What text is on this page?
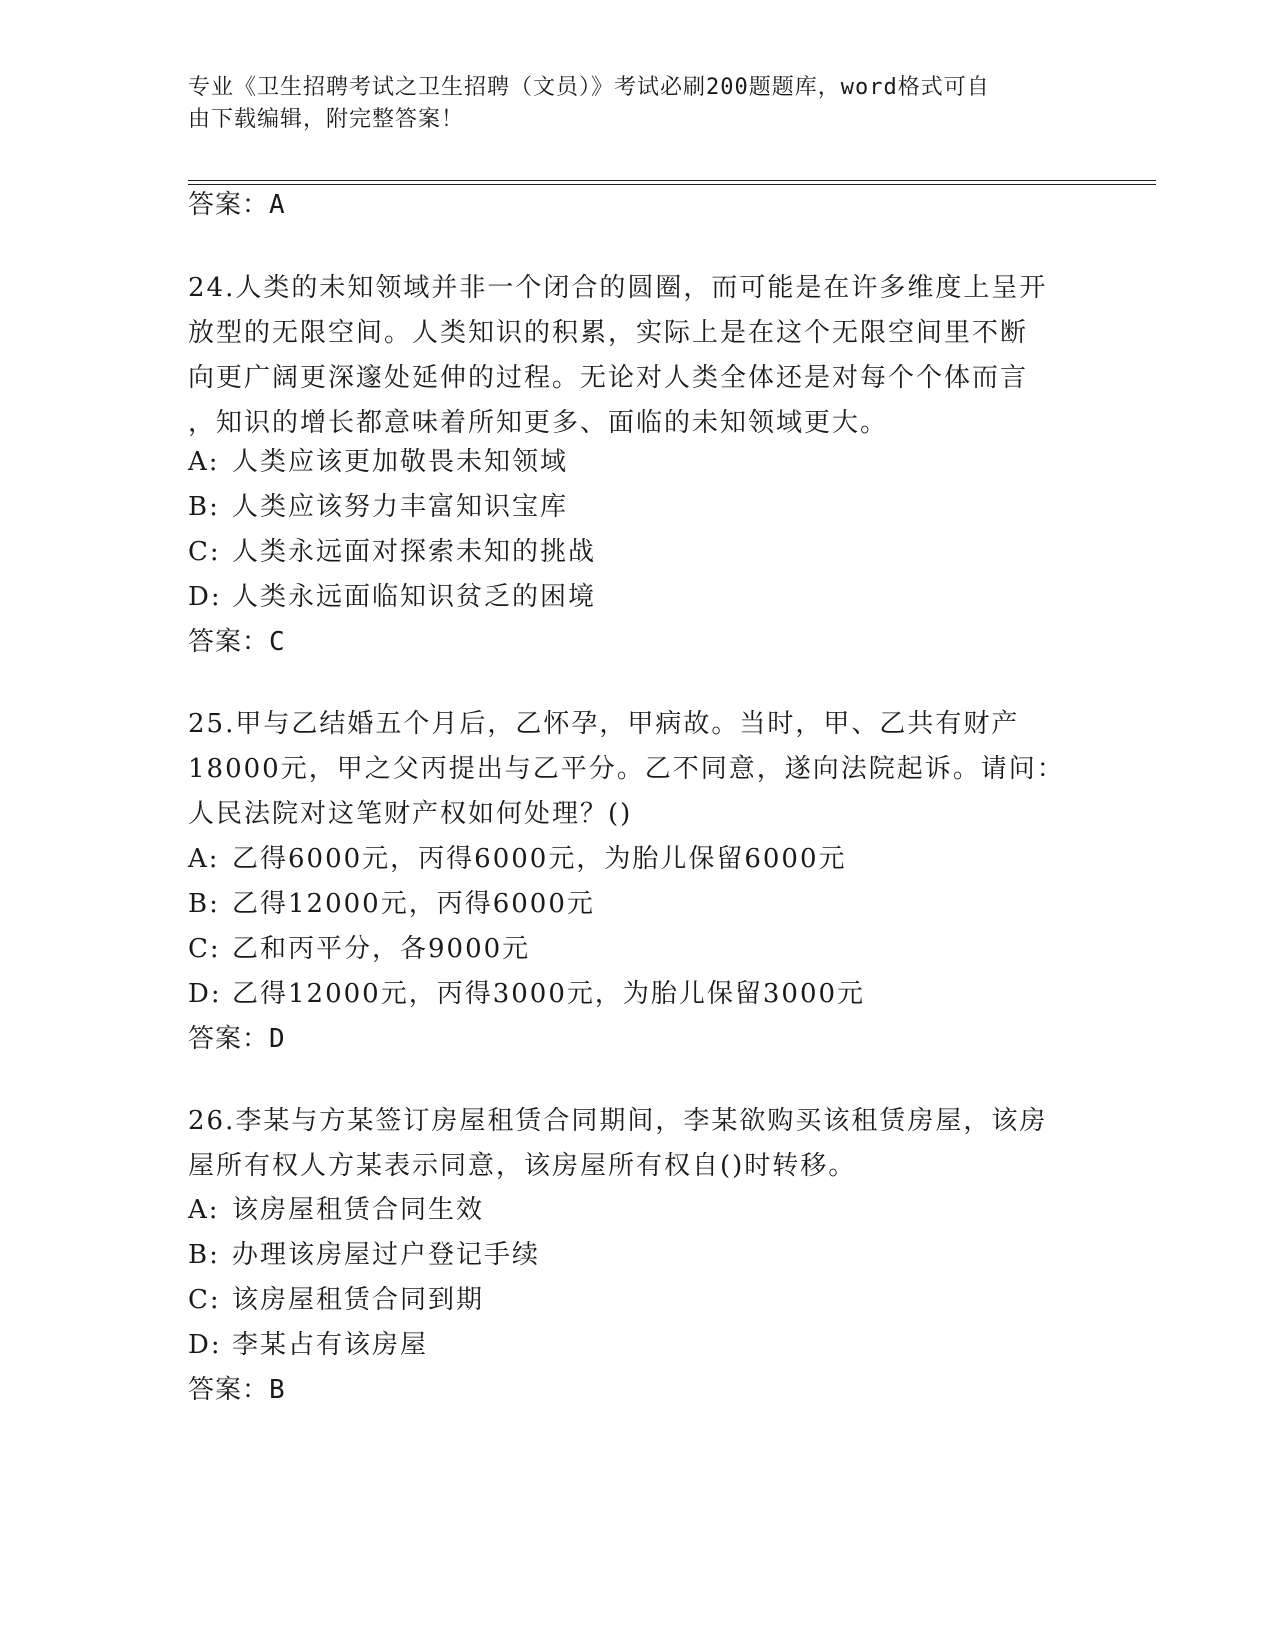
专业《卫生招聘考试之卫生招聘（文员）》考试必刷200题题库，word格式可自
由下载编辑，附完整答案！
答案：A
24.人类的未知领域并非一个闭合的圆圈，而可能是在许多维度上呈开
放型的无限空间。人类知识的积累，实际上是在这个无限空间里不断
向更广阔更深邃处延伸的过程。无论对人类全体还是对每个个体而言
，知识的增长都意味着所知更多、面临的未知领域更大。
A: 人类应该更加敬畏未知领域
B: 人类应该努力丰富知识宝库
C: 人类永远面对探索未知的挑战
D: 人类永远面临知识贫乏的困境
答案：C
25.甲与乙结婚五个月后，乙怀孕，甲病故。当时，甲、乙共有财产
18000元，甲之父丙提出与乙平分。乙不同意，遂向法院起诉。请问：
人民法院对这笔财产权如何处理？()
A: 乙得6000元，丙得6000元，为胎儿保留6000元
B: 乙得12000元，丙得6000元
C: 乙和丙平分，各9000元
D: 乙得12000元，丙得3000元，为胎儿保留3000元
答案：D
26.李某与方某签订房屋租赁合同期间，李某欲购买该租赁房屋，该房
屋所有权人方某表示同意，该房屋所有权自()时转移。
A: 该房屋租赁合同生效
B: 办理该房屋过户登记手续
C: 该房屋租赁合同到期
D: 李某占有该房屋
答案：B
